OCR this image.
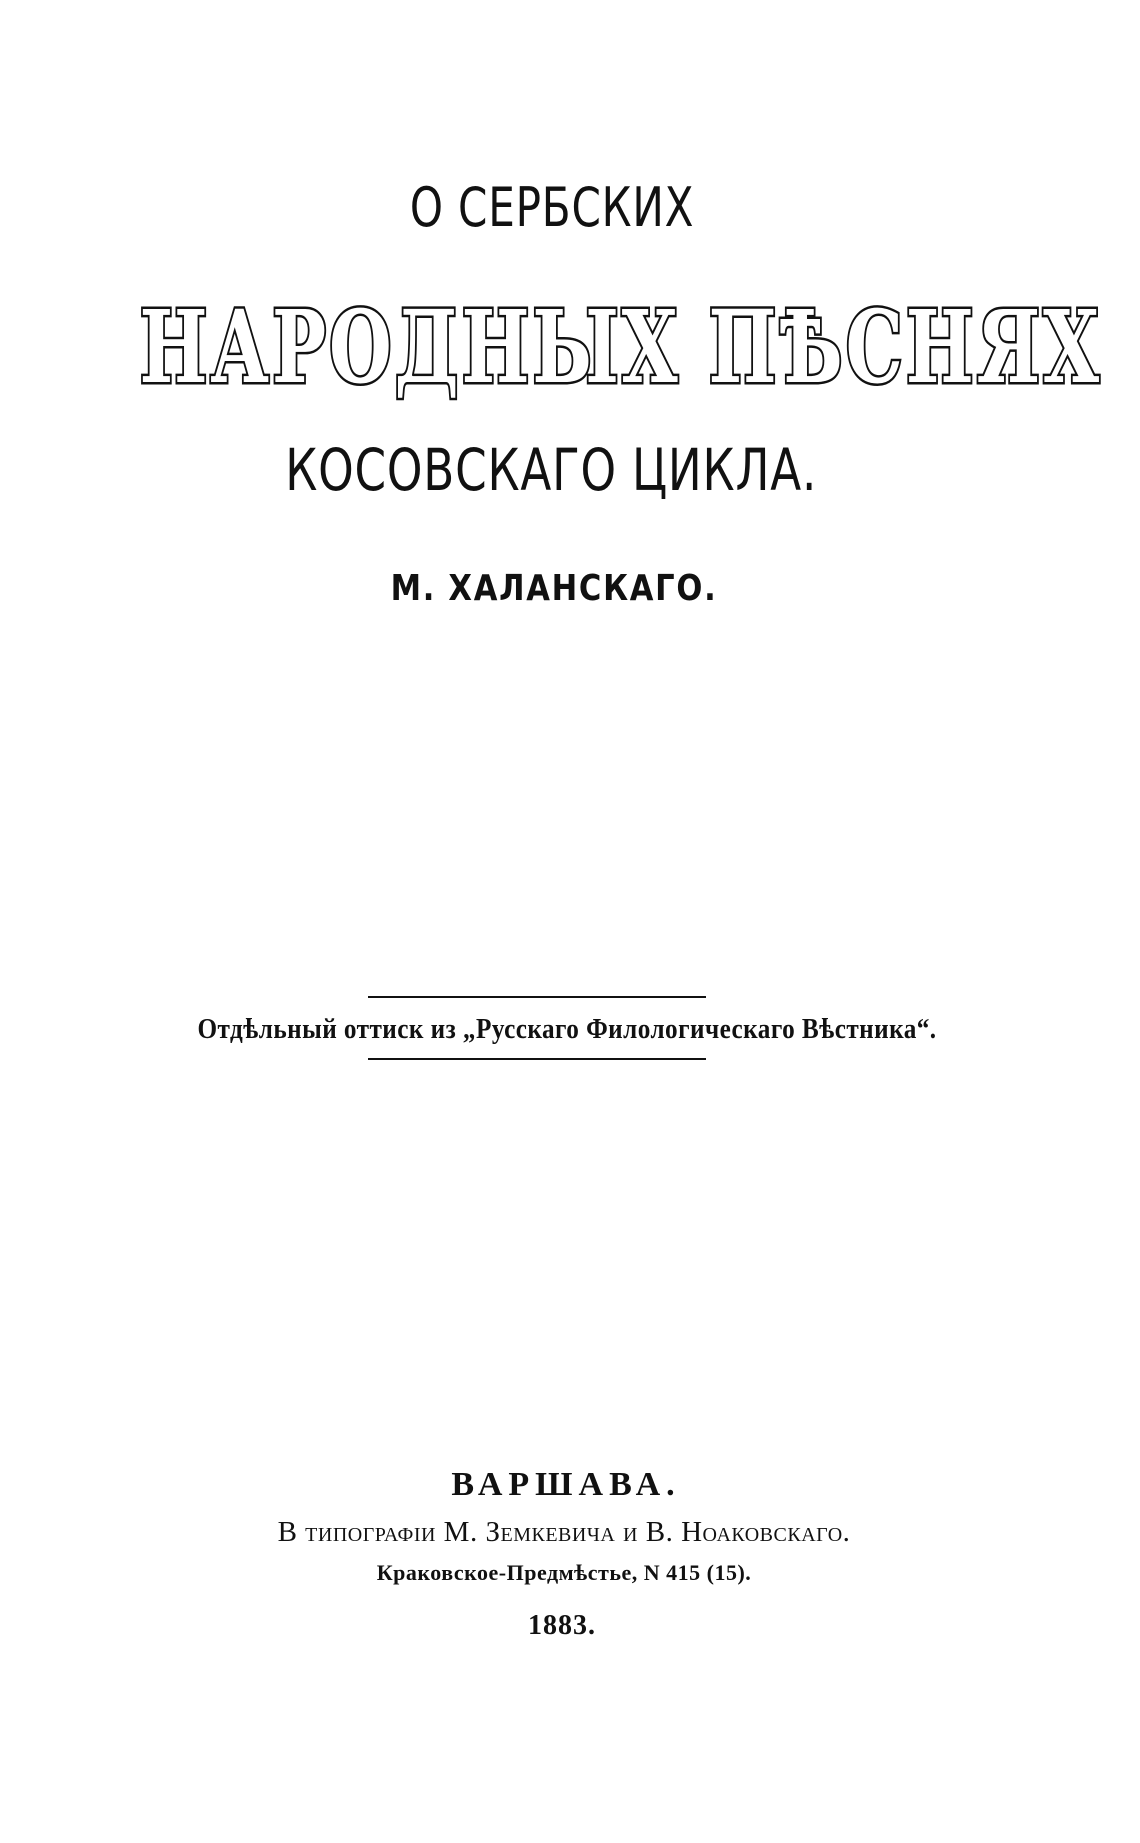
О СЕРБСКИХ
НАРОДНЫХ ПѢСНЯХ
КОСОВСКАГО ЦИКЛА.
М. ХАЛАНСКАГО.
Отдѣльный оттиск из „Русскаго Филологическаго Вѣстника“.
ВАРШАВА.
В типографіи М. Земкевича и В. Ноаковскаго.
Краковское-Предмѣстье, N 415 (15).
1883.
